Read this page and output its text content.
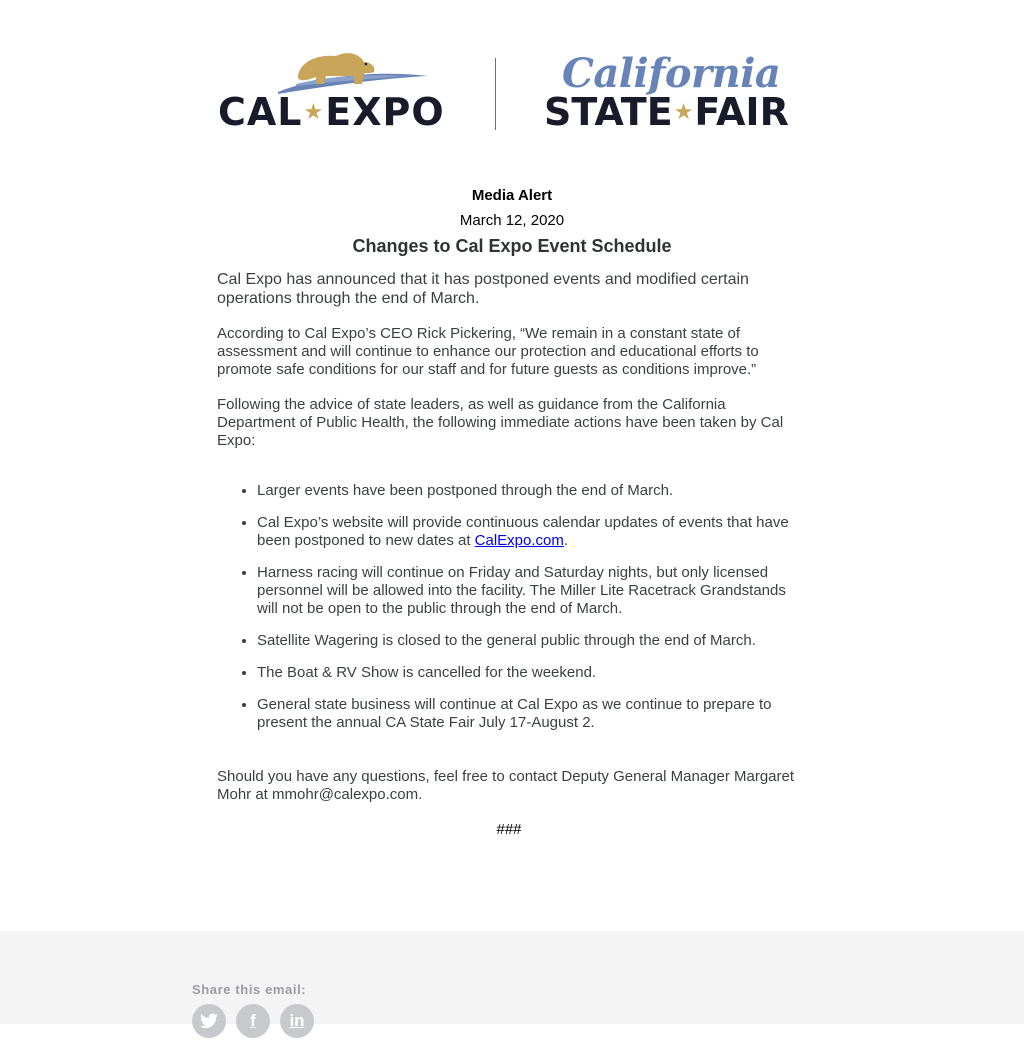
CAL★EXPO
California
STATE★FAIR

Media Alert

March 12, 2020

Changes to Cal Expo Event Schedule

Cal Expo has announced that it has postponed events and modified certain operations through the end of March.

According to Cal Expo’s CEO Rick Pickering, “We remain in a constant state of assessment and will continue to enhance our protection and educational efforts to promote safe conditions for our staff and for future guests as conditions improve.”

Following the advice of state leaders, as well as guidance from the California Department of Public Health, the following immediate actions have been taken by Cal Expo:

• Larger events have been postponed through the end of March.
• Cal Expo’s website will provide continuous calendar updates of events that have been postponed to new dates at CalExpo.com.
• Harness racing will continue on Friday and Saturday nights, but only licensed personnel will be allowed into the facility. The Miller Lite Racetrack Grandstands will not be open to the public through the end of March.
• Satellite Wagering is closed to the general public through the end of March.
• The Boat & RV Show is cancelled for the weekend.
• General state business will continue at Cal Expo as we continue to prepare to present the annual CA State Fair July 17-August 2.

Should you have any questions, feel free to contact Deputy General Manager Margaret Mohr at mmohr@calexpo.com.

###

Share this email:
f	in
